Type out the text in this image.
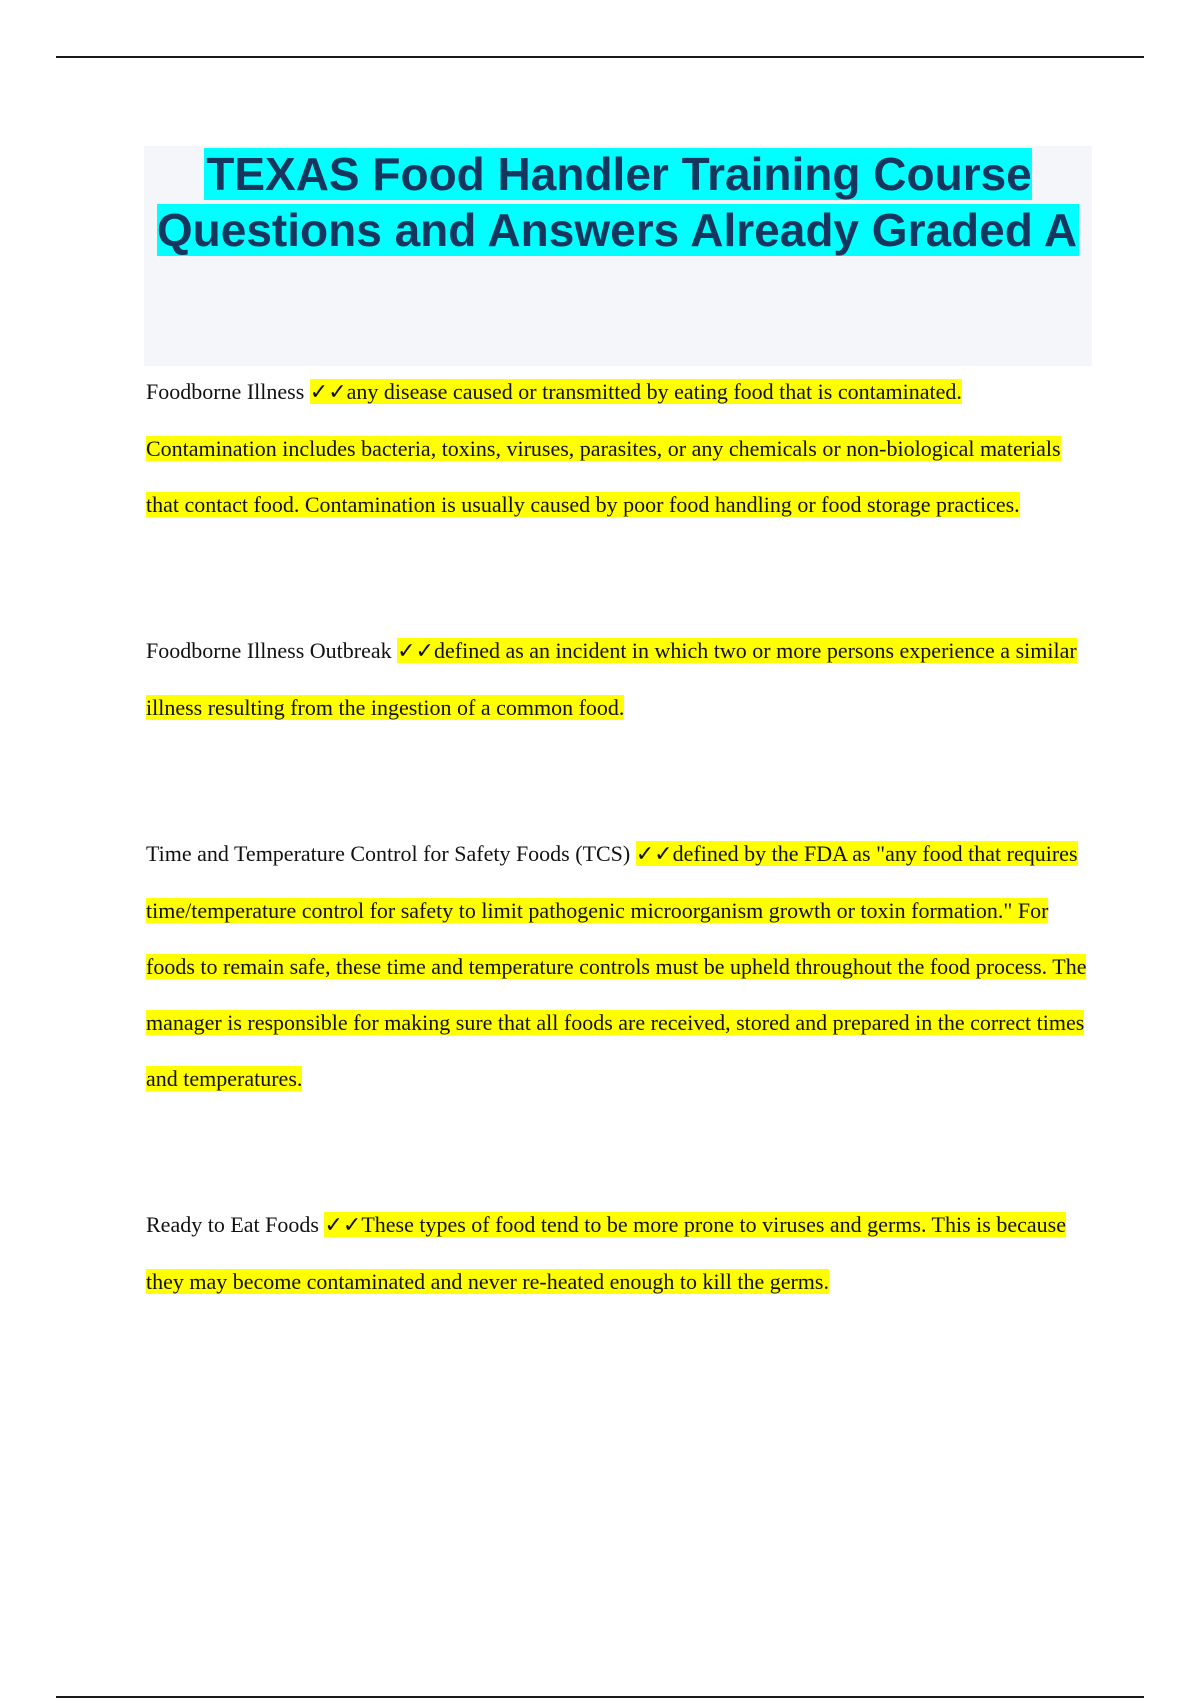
TEXAS Food Handler Training Course Questions and Answers Already Graded A

Foodborne Illness ✓✓any disease caused or transmitted by eating food that is contaminated. Contamination includes bacteria, toxins, viruses, parasites, or any chemicals or non-biological materials that contact food. Contamination is usually caused by poor food handling or food storage practices.

Foodborne Illness Outbreak ✓✓defined as an incident in which two or more persons experience a similar illness resulting from the ingestion of a common food.

Time and Temperature Control for Safety Foods (TCS) ✓✓defined by the FDA as "any food that requires time/temperature control for safety to limit pathogenic microorganism growth or toxin formation." For foods to remain safe, these time and temperature controls must be upheld throughout the food process. The manager is responsible for making sure that all foods are received, stored and prepared in the correct times and temperatures.

Ready to Eat Foods ✓✓These types of food tend to be more prone to viruses and germs. This is because they may become contaminated and never re-heated enough to kill the germs.
